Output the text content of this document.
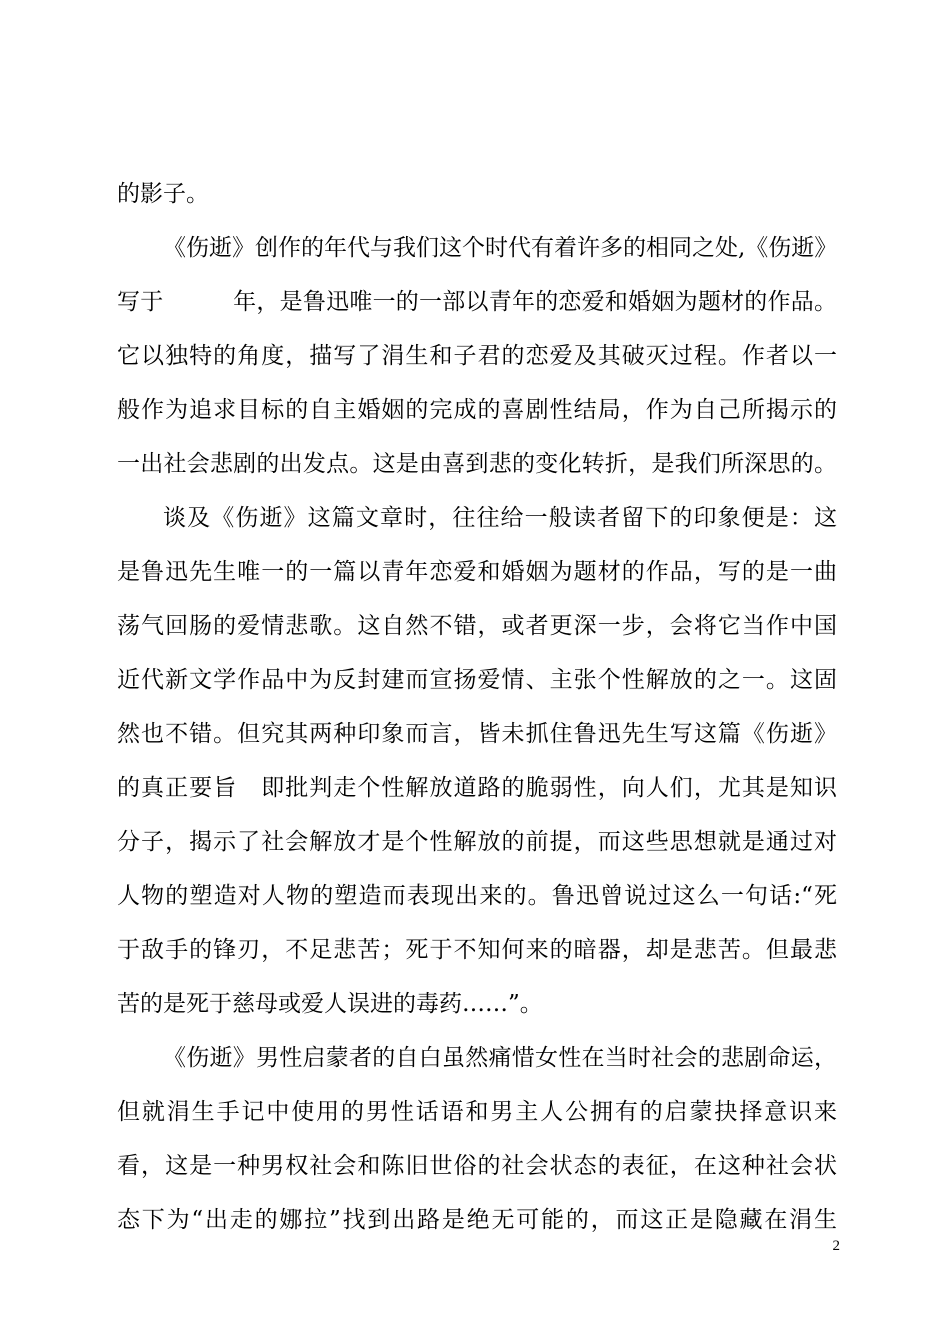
的影子。
《伤逝》创作的年代与我们这个时代有着许多的相同之处,《伤逝》
写于　　　年，是鲁迅唯一的一部以青年的恋爱和婚姻为题材的作品。
它以独特的角度，描写了涓生和子君的恋爱及其破灭过程。作者以一
般作为追求目标的自主婚姻的完成的喜剧性结局，作为自己所揭示的
一出社会悲剧的出发点。这是由喜到悲的变化转折，是我们所深思的。
谈及《伤逝》这篇文章时，往往给一般读者留下的印象便是：这
是鲁迅先生唯一的一篇以青年恋爱和婚姻为题材的作品，写的是一曲
荡气回肠的爱情悲歌。这自然不错，或者更深一步，会将它当作中国
近代新文学作品中为反封建而宣扬爱情、主张个性解放的之一。这固
然也不错。但究其两种印象而言，皆未抓住鲁迅先生写这篇《伤逝》
的真正要旨　即批判走个性解放道路的脆弱性，向人们，尤其是知识
分子，揭示了社会解放才是个性解放的前提，而这些思想就是通过对
人物的塑造对人物的塑造而表现出来的。鲁迅曾说过这么一句话:“死
于敌手的锋刃，不足悲苦；死于不知何来的暗器，却是悲苦。但最悲
苦的是死于慈母或爱人误进的毒药……”。
《伤逝》男性启蒙者的自白虽然痛惜女性在当时社会的悲剧命运，
但就涓生手记中使用的男性话语和男主人公拥有的启蒙抉择意识来
看，这是一种男权社会和陈旧世俗的社会状态的表征，在这种社会状
态下为“出走的娜拉”找到出路是绝无可能的，而这正是隐藏在涓生
2
